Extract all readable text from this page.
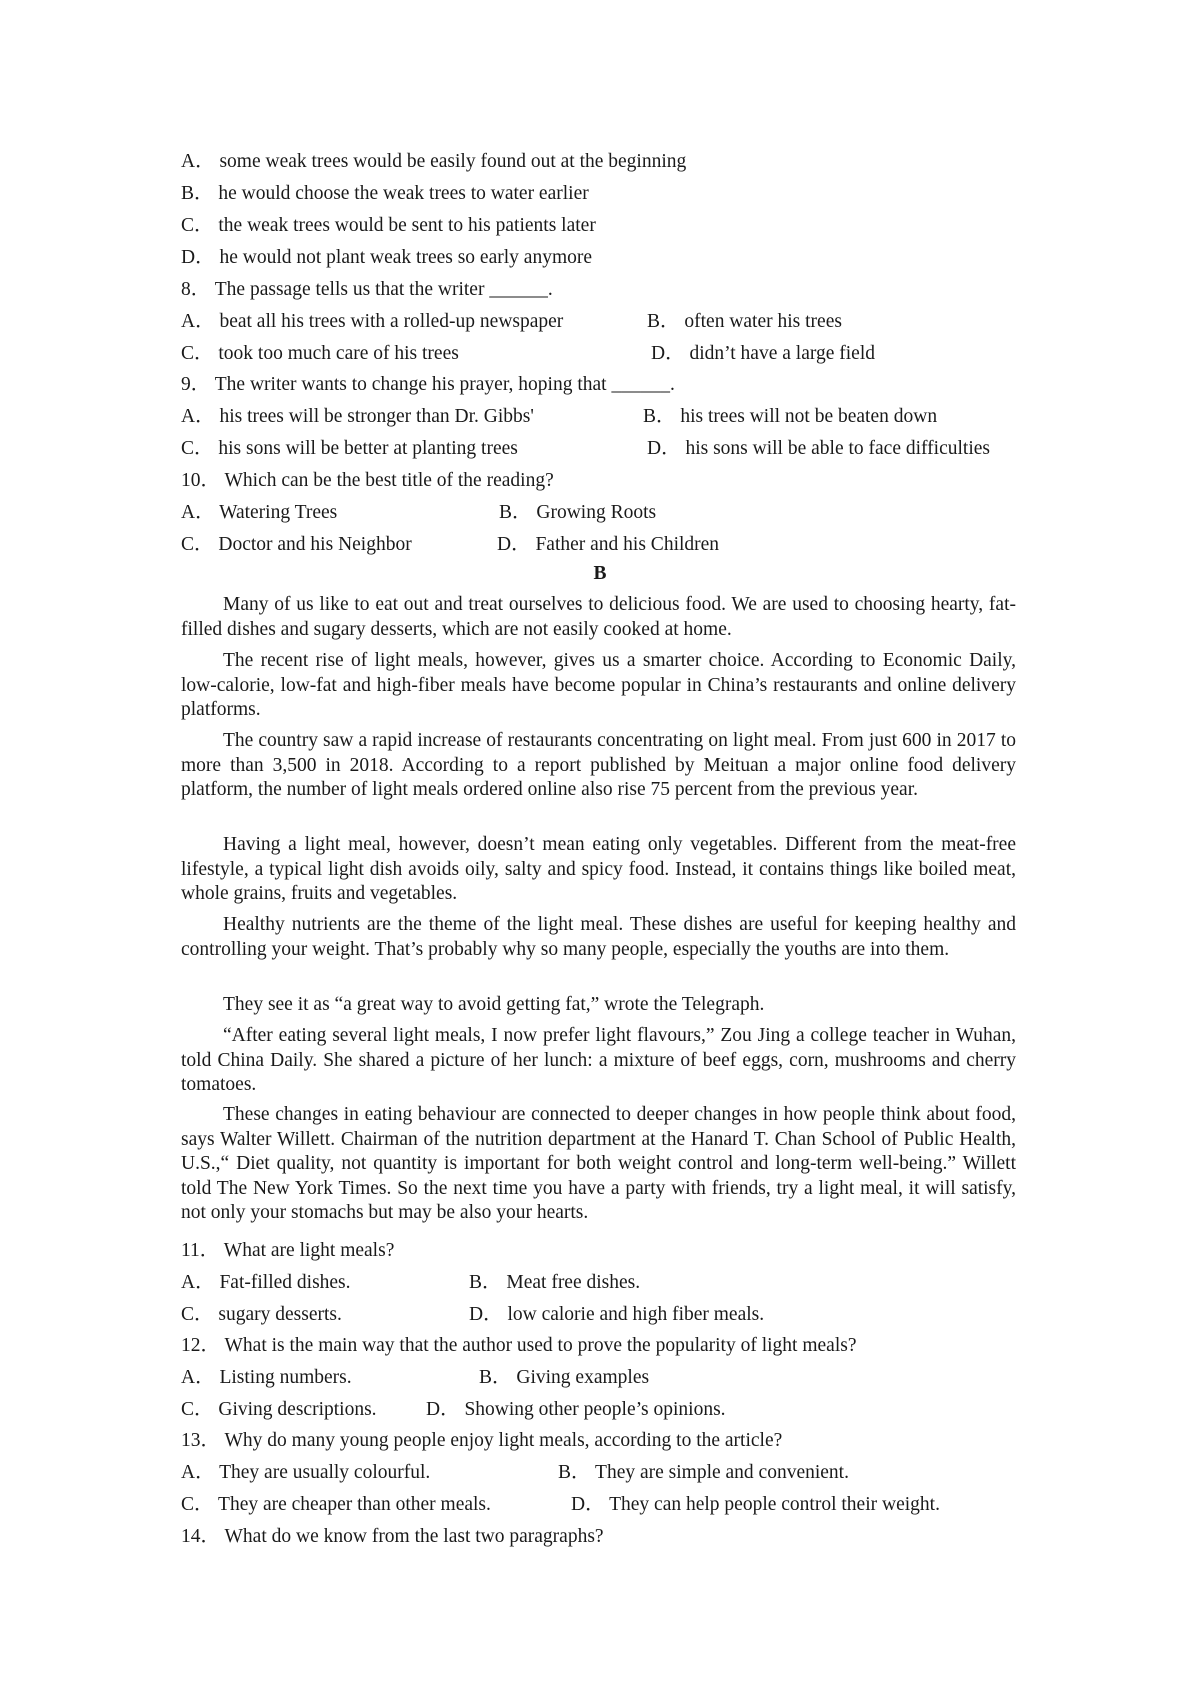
A． some weak trees would be easily found out at the beginning
B． he would choose the weak trees to water earlier
C． the weak trees would be sent to his patients later
D． he would not plant weak trees so early anymore
8． The passage tells us that the writer ______.
A． beat all his trees with a rolled-up newspaper	B． often water his trees
C． took too much care of his trees	D． didn’t have a large field
9． The writer wants to change his prayer, hoping that ______.
A． his trees will be stronger than Dr. Gibbs'	B． his trees will not be beaten down
C． his sons will be better at planting trees	D． his sons will be able to face difficulties
10． Which can be the best title of the reading?
A． Watering Trees	B． Growing Roots
C． Doctor and his Neighbor	D． Father and his Children
B

Many of us like to eat out and treat ourselves to delicious food. We are used to choosing hearty, fat-filled dishes and sugary desserts, which are not easily cooked at home.

The recent rise of light meals, however, gives us a smarter choice. According to Economic Daily, low-calorie, low-fat and high-fiber meals have become popular in China’s restaurants and online delivery platforms.

The country saw a rapid increase of restaurants concentrating on light meal. From just 600 in 2017 to more than 3,500 in 2018. According to a report published by Meituan a major online food delivery platform, the number of light meals ordered online also rise 75 percent from the previous year.

Having a light meal, however, doesn’t mean eating only vegetables. Different from the meat-free lifestyle, a typical light dish avoids oily, salty and spicy food. Instead, it contains things like boiled meat, whole grains, fruits and vegetables.

Healthy nutrients are the theme of the light meal. These dishes are useful for keeping healthy and controlling your weight. That’s probably why so many people, especially the youths are into them.

They see it as “a great way to avoid getting fat,” wrote the Telegraph.

“After eating several light meals, I now prefer light flavours,” Zou Jing a college teacher in Wuhan, told China Daily. She shared a picture of her lunch: a mixture of beef eggs, corn, mushrooms and cherry tomatoes.

These changes in eating behaviour are connected to deeper changes in how people think about food, says Walter Willett. Chairman of the nutrition department at the Hanard T. Chan School of Public Health, U.S.,“ Diet quality, not quantity is important for both weight control and long-term well-being.” Willett told The New York Times. So the next time you have a party with friends, try a light meal, it will satisfy, not only your stomachs but may be also your hearts.

11． What are light meals?
A． Fat-filled dishes.	B． Meat free dishes.
C． sugary desserts.	D． low calorie and high fiber meals.
12． What is the main way that the author used to prove the popularity of light meals?
A． Listing numbers.	B． Giving examples
C． Giving descriptions.	D． Showing other people’s opinions.
13． Why do many young people enjoy light meals, according to the article?
A． They are usually colourful.	B． They are simple and convenient.
C． They are cheaper than other meals.	D． They can help people control their weight.
14． What do we know from the last two paragraphs?
